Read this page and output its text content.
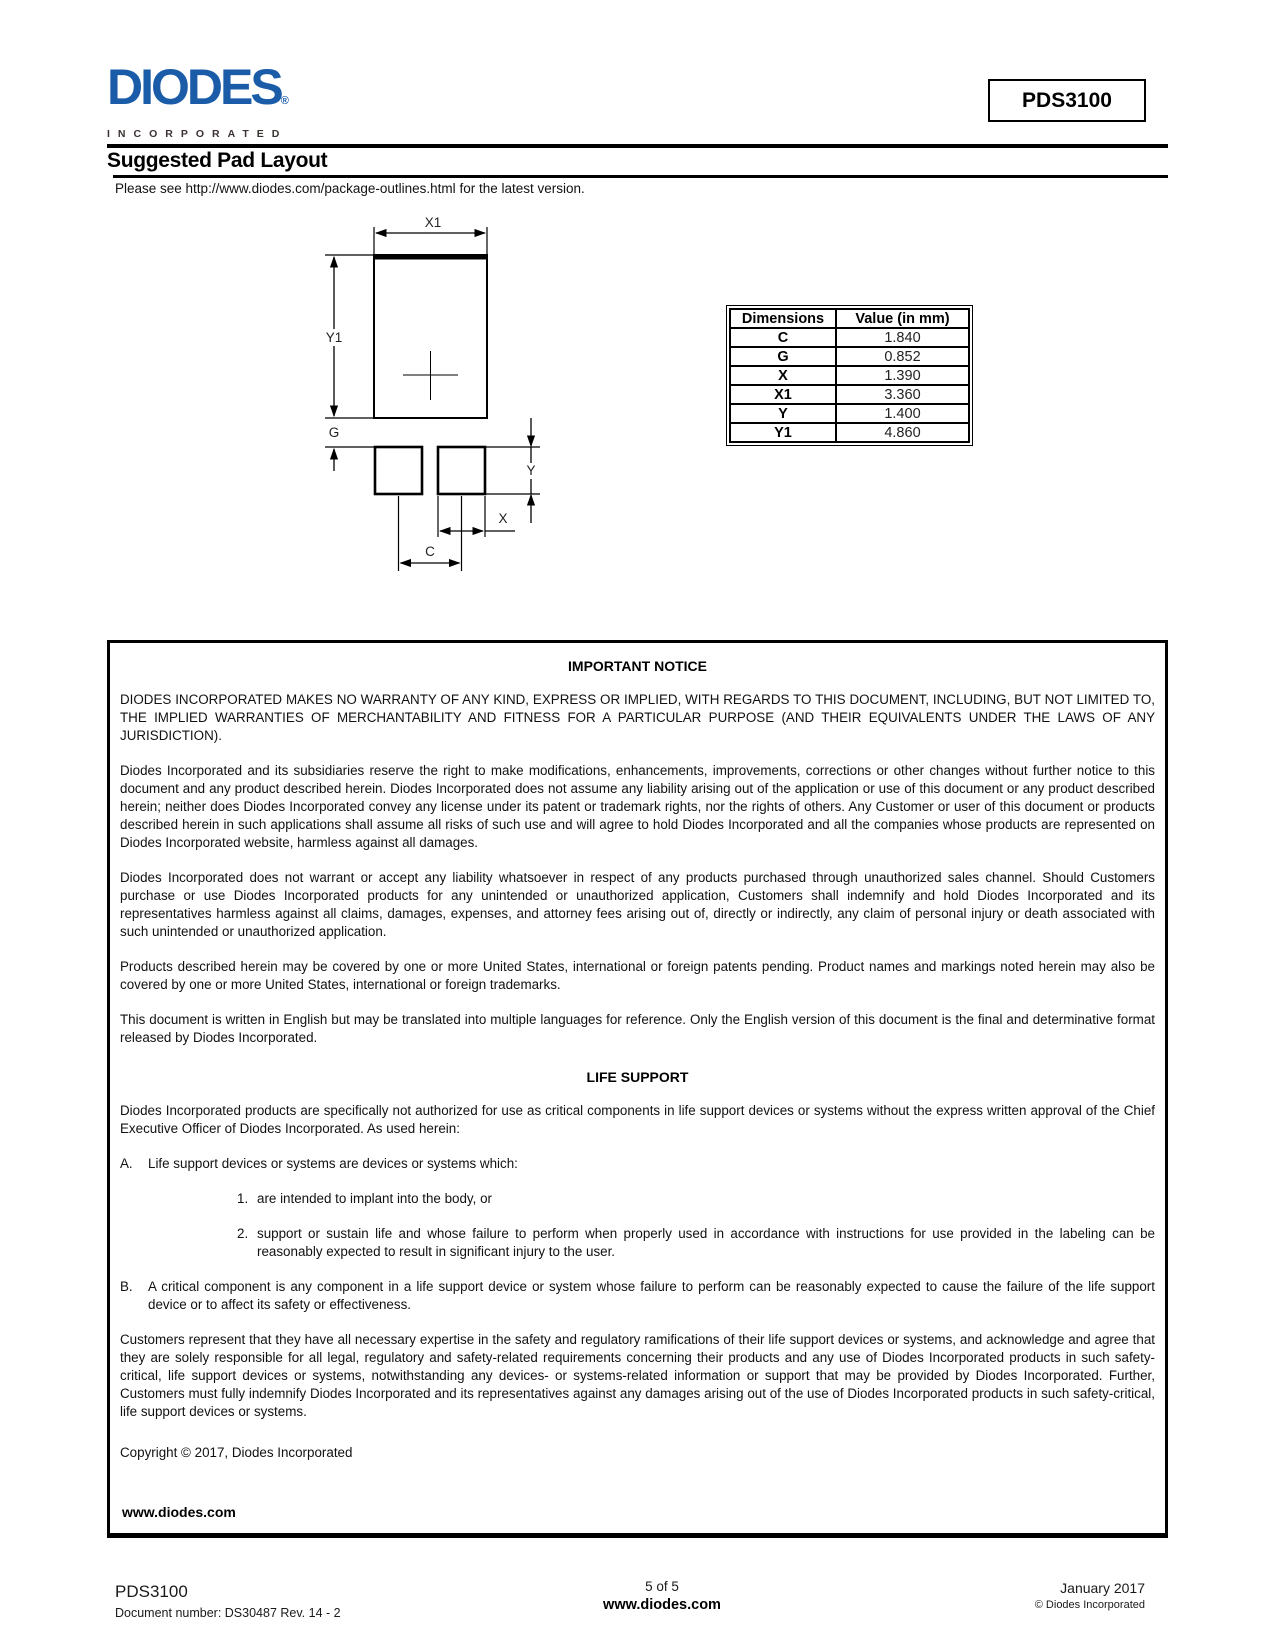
DIODES®
INCORPORATED
PDS3100
Suggested Pad Layout
Please see http://www.diodes.com/package-outlines.html for the latest version.
X1
Y1
G
Y
X
C
Dimensions	Value (in mm)
C	1.840
G	0.852
X	1.390
X1	3.360
Y	1.400
Y1	4.860
IMPORTANT NOTICE

DIODES INCORPORATED MAKES NO WARRANTY OF ANY KIND, EXPRESS OR IMPLIED, WITH REGARDS TO THIS DOCUMENT, INCLUDING, BUT NOT LIMITED TO, THE IMPLIED WARRANTIES OF MERCHANTABILITY AND FITNESS FOR A PARTICULAR PURPOSE (AND THEIR EQUIVALENTS UNDER THE LAWS OF ANY JURISDICTION).

Diodes Incorporated and its subsidiaries reserve the right to make modifications, enhancements, improvements, corrections or other changes without further notice to this document and any product described herein. Diodes Incorporated does not assume any liability arising out of the application or use of this document or any product described herein; neither does Diodes Incorporated convey any license under its patent or trademark rights, nor the rights of others. Any Customer or user of this document or products described herein in such applications shall assume all risks of such use and will agree to hold Diodes Incorporated and all the companies whose products are represented on Diodes Incorporated website, harmless against all damages.

Diodes Incorporated does not warrant or accept any liability whatsoever in respect of any products purchased through unauthorized sales channel. Should Customers purchase or use Diodes Incorporated products for any unintended or unauthorized application, Customers shall indemnify and hold Diodes Incorporated and its representatives harmless against all claims, damages, expenses, and attorney fees arising out of, directly or indirectly, any claim of personal injury or death associated with such unintended or unauthorized application.

Products described herein may be covered by one or more United States, international or foreign patents pending. Product names and markings noted herein may also be covered by one or more United States, international or foreign trademarks.

This document is written in English but may be translated into multiple languages for reference. Only the English version of this document is the final and determinative format released by Diodes Incorporated.

LIFE SUPPORT

Diodes Incorporated products are specifically not authorized for use as critical components in life support devices or systems without the express written approval of the Chief Executive Officer of Diodes Incorporated. As used herein:

A.	Life support devices or systems are devices or systems which:
1. are intended to implant into the body, or
2. support or sustain life and whose failure to perform when properly used in accordance with instructions for use provided in the labeling can be reasonably expected to result in significant injury to the user.
B.	A critical component is any component in a life support device or system whose failure to perform can be reasonably expected to cause the failure of the life support device or to affect its safety or effectiveness.

Customers represent that they have all necessary expertise in the safety and regulatory ramifications of their life support devices or systems, and acknowledge and agree that they are solely responsible for all legal, regulatory and safety-related requirements concerning their products and any use of Diodes Incorporated products in such safety-critical, life support devices or systems, notwithstanding any devices- or systems-related information or support that may be provided by Diodes Incorporated. Further, Customers must fully indemnify Diodes Incorporated and its representatives against any damages arising out of the use of Diodes Incorporated products in such safety-critical, life support devices or systems.

Copyright © 2017, Diodes Incorporated
www.diodes.com
PDS3100
Document number: DS30487 Rev. 14 - 2
5 of 5
www.diodes.com
January 2017
© Diodes Incorporated
